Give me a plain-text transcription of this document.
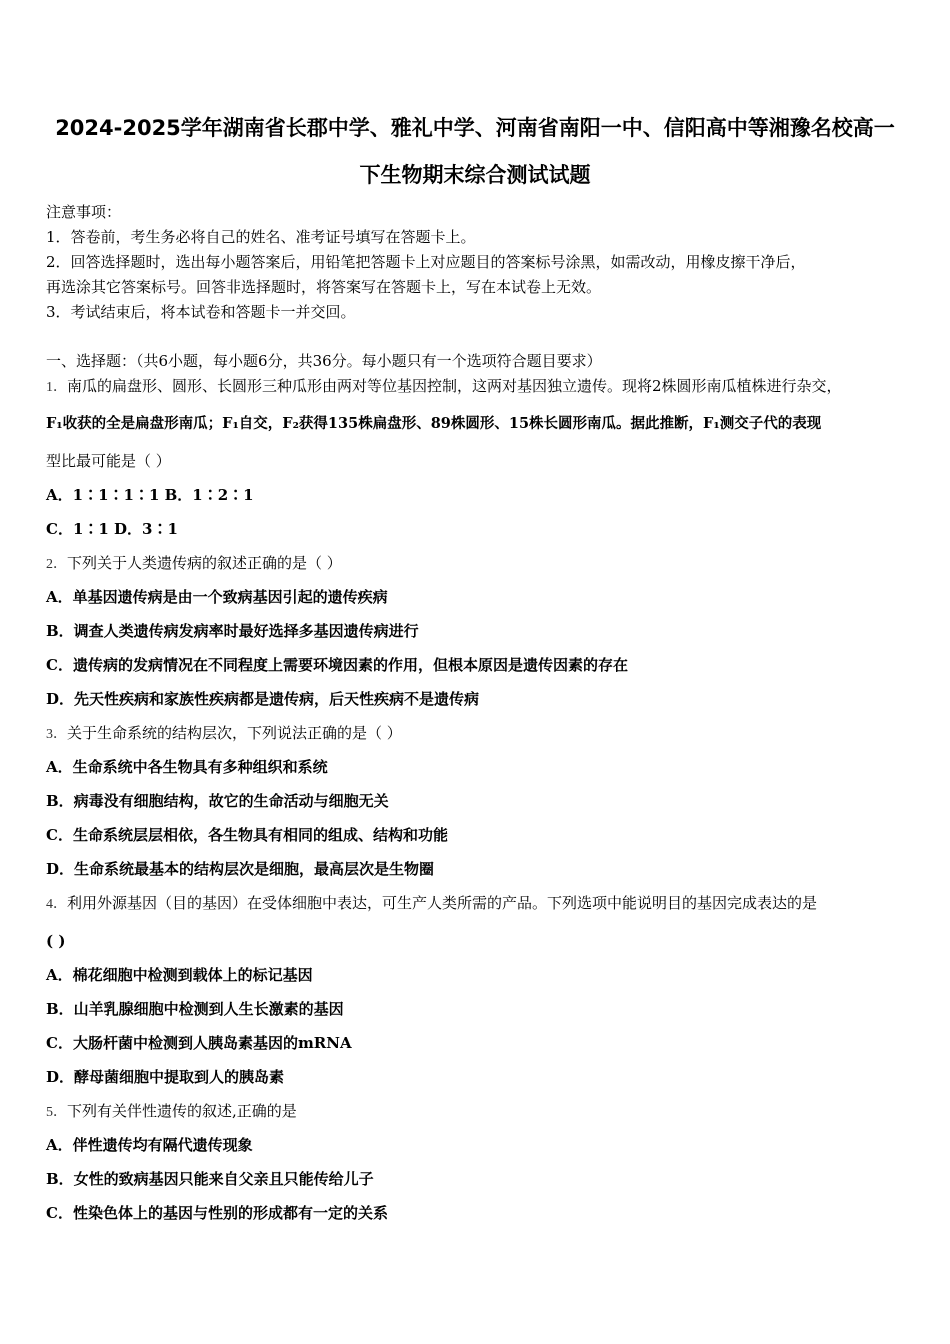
2024-2025学年湖南省长郡中学、雅礼中学、河南省南阳一中、信阳高中等湘豫名校高一
下生物期末综合测试试题
注意事项：
1．答卷前，考生务必将自己的姓名、准考证号填写在答题卡上。
2．回答选择题时，选出每小题答案后，用铅笔把答题卡上对应题目的答案标号涂黑，如需改动，用橡皮擦干净后，
再选涂其它答案标号。回答非选择题时，将答案写在答题卡上，写在本试卷上无效。
3．考试结束后，将本试卷和答题卡一并交回。
一、选择题：（共6小题，每小题6分，共36分。每小题只有一个选项符合题目要求）
1．南瓜的扁盘形、圆形、长圆形三种瓜形由两对等位基因控制，这两对基因独立遗传。现将2株圆形南瓜植株进行杂交，
F₁收获的全是扁盘形南瓜；F₁自交，F₂获得135株扁盘形、89株圆形、15株长圆形南瓜。据此推断，F₁测交子代的表现
型比最可能是（ ）
A．1∶1∶1∶1 B．1∶2∶1
C．1∶1 D．3∶1
2．下列关于人类遗传病的叙述正确的是（ ）
A．单基因遗传病是由一个致病基因引起的遗传疾病
B．调查人类遗传病发病率时最好选择多基因遗传病进行
C．遗传病的发病情况在不同程度上需要环境因素的作用，但根本原因是遗传因素的存在
D．先天性疾病和家族性疾病都是遗传病，后天性疾病不是遗传病
3．关于生命系统的结构层次，下列说法正确的是（ ）
A．生命系统中各生物具有多种组织和系统
B．病毒没有细胞结构，故它的生命活动与细胞无关
C．生命系统层层相依，各生物具有相同的组成、结构和功能
D．生命系统最基本的结构层次是细胞，最高层次是生物圈
4．利用外源基因（目的基因）在受体细胞中表达，可生产人类所需的产品。下列选项中能说明目的基因完成表达的是
( )
A．棉花细胞中检测到载体上的标记基因
B．山羊乳腺细胞中检测到人生长激素的基因
C．大肠杆菌中检测到人胰岛素基因的mRNA
D．酵母菌细胞中提取到人的胰岛素
5．下列有关伴性遗传的叙述,正确的是
A．伴性遗传均有隔代遗传现象
B．女性的致病基因只能来自父亲且只能传给儿子
C．性染色体上的基因与性别的形成都有一定的关系
